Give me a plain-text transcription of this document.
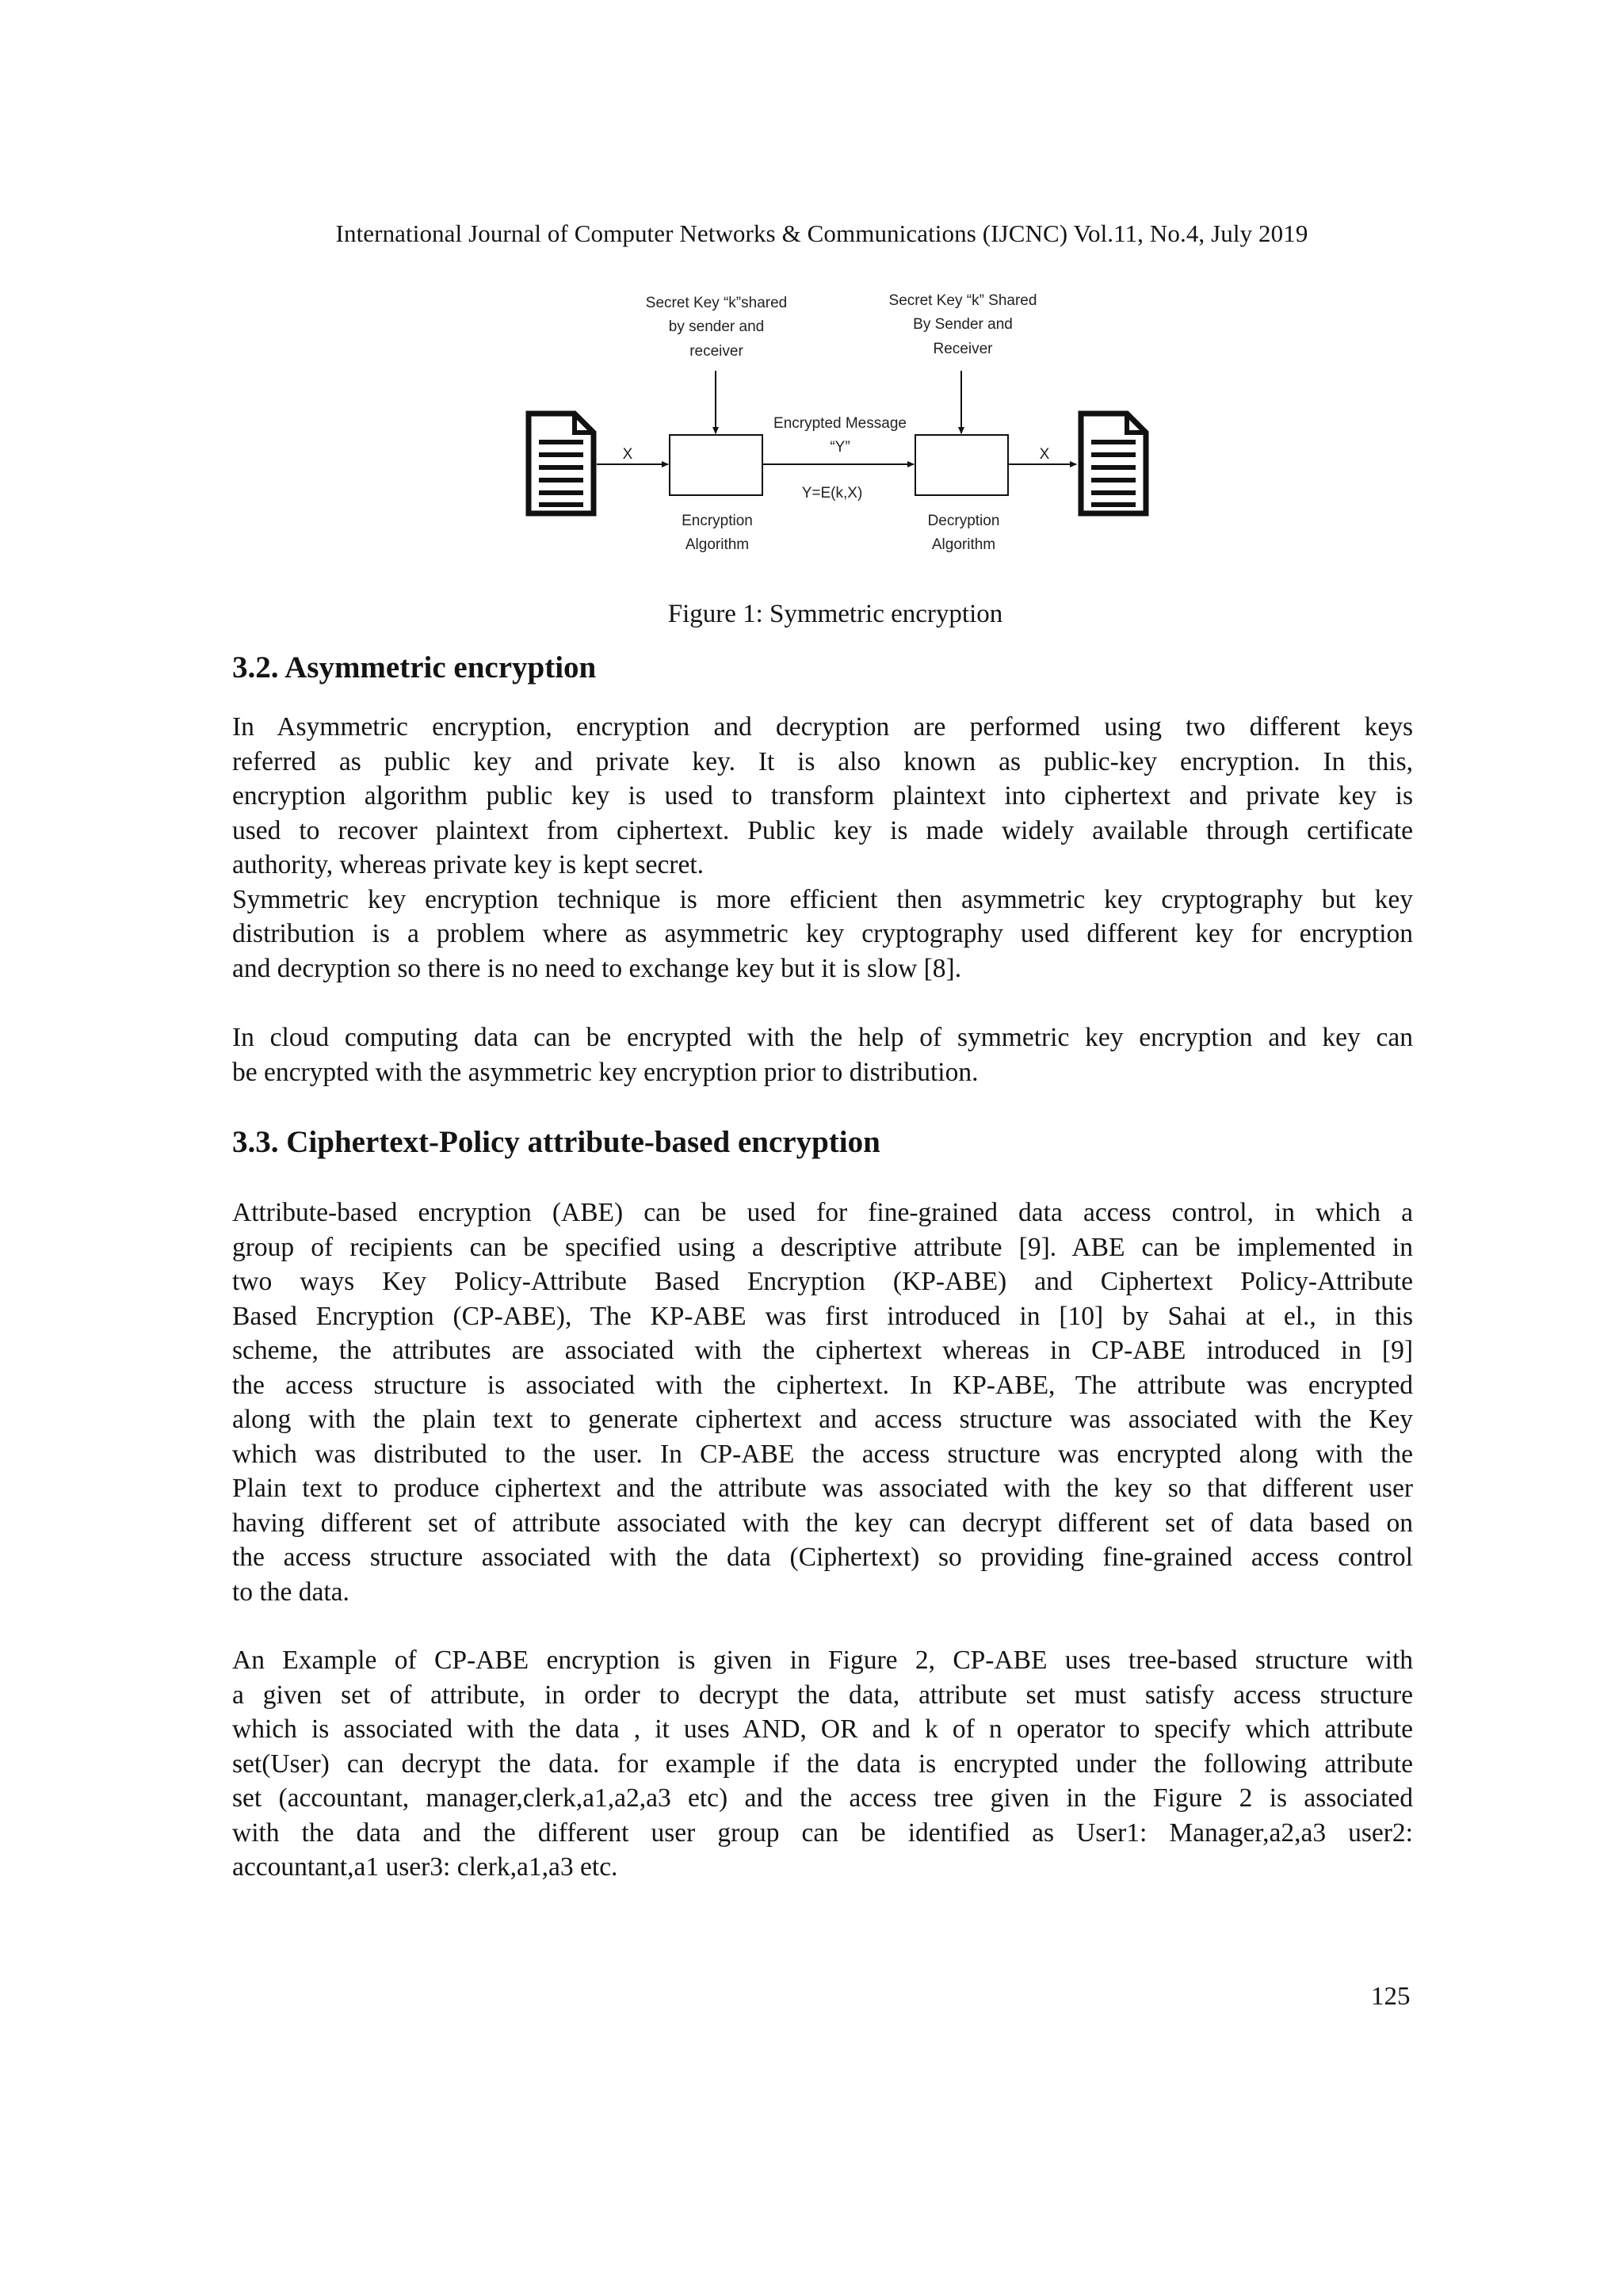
International Journal of Computer Networks & Communications (IJCNC) Vol.11, No.4, July 2019
Secret Key “k”shared
by sender and
receiver
Secret Key “k” Shared
By Sender and
Receiver
Encrypted Message
“Y”
Y=E(k,X)
X	X
Encryption
Algorithm
Decryption
Algorithm
Figure 1: Symmetric encryption
3.2. Asymmetric encryption
In Asymmetric encryption, encryption and decryption are performed using two different keys
referred as public key and private key. It is also known as public-key encryption. In this,
encryption algorithm public key is used to transform plaintext into ciphertext and private key is
used to recover plaintext from ciphertext. Public key is made widely available through certificate
authority, whereas private key is kept secret.
Symmetric key encryption technique is more efficient then asymmetric key cryptography but key
distribution is a problem where as asymmetric key cryptography used different key for encryption
and decryption so there is no need to exchange key but it is slow [8].
In cloud computing data can be encrypted with the help of symmetric key encryption and key can
be encrypted with the asymmetric key encryption prior to distribution.
3.3. Ciphertext-Policy attribute-based encryption
Attribute-based encryption (ABE) can be used for fine-grained data access control, in which a
group of recipients can be specified using a descriptive attribute [9]. ABE can be implemented in
two ways Key Policy-Attribute Based Encryption (KP-ABE) and Ciphertext Policy-Attribute
Based Encryption (CP-ABE), The KP-ABE was first introduced in [10] by Sahai at el., in this
scheme, the attributes are associated with the ciphertext whereas in CP-ABE introduced in [9]
the access structure is associated with the ciphertext. In KP-ABE, The attribute was encrypted
along with the plain text to generate ciphertext and access structure was associated with the Key
which was distributed to the user. In CP-ABE the access structure was encrypted along with the
Plain text to produce ciphertext and the attribute was associated with the key so that different user
having different set of attribute associated with the key can decrypt different set of data based on
the access structure associated with the data (Ciphertext) so providing fine-grained access control
to the data.
An Example of CP-ABE encryption is given in Figure 2, CP-ABE uses tree-based structure with
a given set of attribute, in order to decrypt the data, attribute set must satisfy access structure
which is associated with the data , it uses AND, OR and k of n operator to specify which attribute
set(User) can decrypt the data. for example if the data is encrypted under the following attribute
set (accountant, manager,clerk,a1,a2,a3 etc) and the access tree given in the Figure 2 is associated
with the data and the different user group can be identified as User1: Manager,a2,a3 user2:
accountant,a1 user3: clerk,a1,a3 etc.
125
